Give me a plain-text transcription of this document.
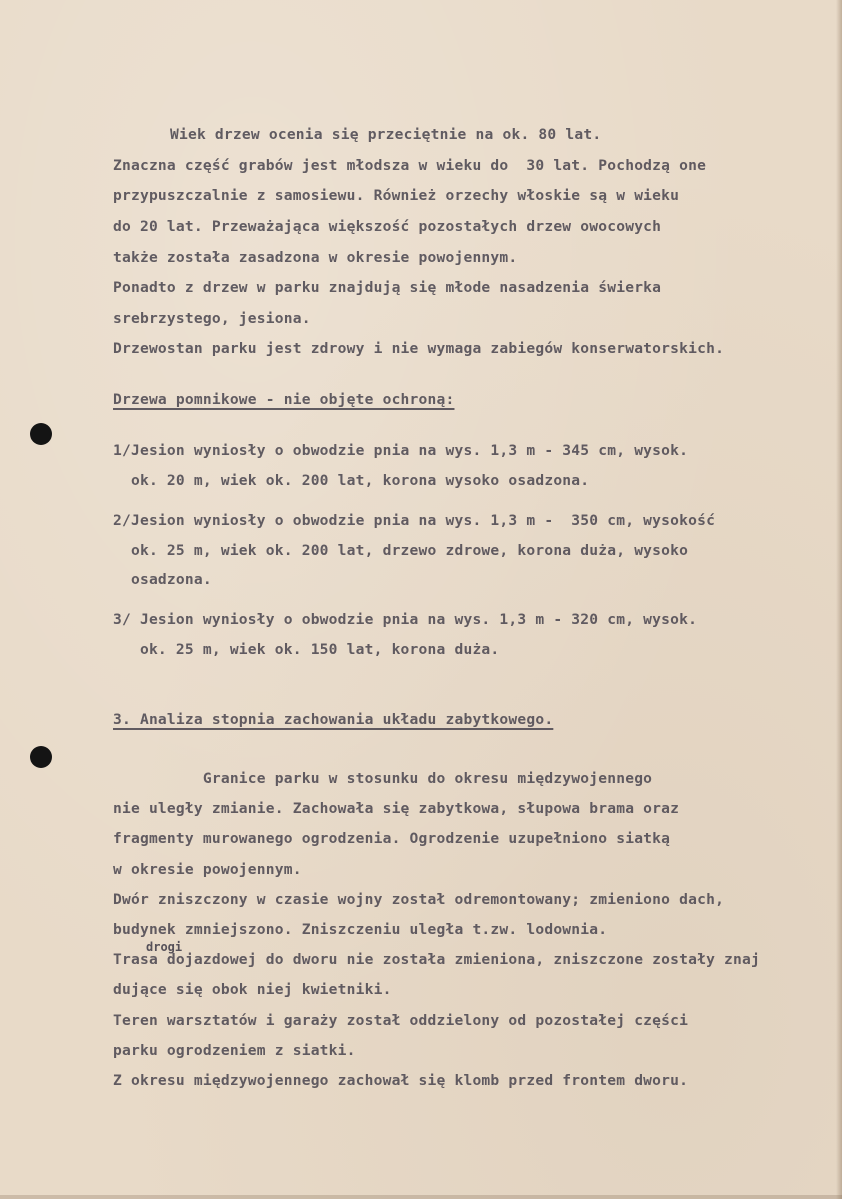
Wiek drzew ocenia się przeciętnie na ok. 80 lat.
Znaczna część grabów jest młodsza w wieku do  30 lat. Pochodzą one
przypuszczalnie z samosiewu. Również orzechy włoskie są w wieku
do 20 lat. Przeważająca większość pozostałych drzew owocowych
także została zasadzona w okresie powojennym.
Ponadto z drzew w parku znajdują się młode nasadzenia świerka
srebrzystego, jesiona.
Drzewostan parku jest zdrowy i nie wymaga zabiegów konserwatorskich.
Drzewa pomnikowe - nie objęte ochroną:
1/Jesion wyniosły o obwodzie pnia na wys. 1,3 m - 345 cm, wysok.
ok. 20 m, wiek ok. 200 lat, korona wysoko osadzona.
2/Jesion wyniosły o obwodzie pnia na wys. 1,3 m -  350 cm, wysokość
ok. 25 m, wiek ok. 200 lat, drzewo zdrowe, korona duża, wysoko
osadzona.
3/ Jesion wyniosły o obwodzie pnia na wys. 1,3 m - 320 cm, wysok.
ok. 25 m, wiek ok. 150 lat, korona duża.
3. Analiza stopnia zachowania układu zabytkowego.
Granice parku w stosunku do okresu międzywojennego
nie uległy zmianie. Zachowała się zabytkowa, słupowa brama oraz
fragmenty murowanego ogrodzenia. Ogrodzenie uzupełniono siatką
w okresie powojennym.
Dwór zniszczony w czasie wojny został odremontowany; zmieniono dach,
budynek zmniejszono. Zniszczeniu uległa t.zw. lodownia.
drogi
Trasa dojazdowej do dworu nie została zmieniona, zniszczone zostały znaj
dujące się obok niej kwietniki.
Teren warsztatów i garaży został oddzielony od pozostałej części
parku ogrodzeniem z siatki.
Z okresu międzywojennego zachował się klomb przed frontem dworu.
